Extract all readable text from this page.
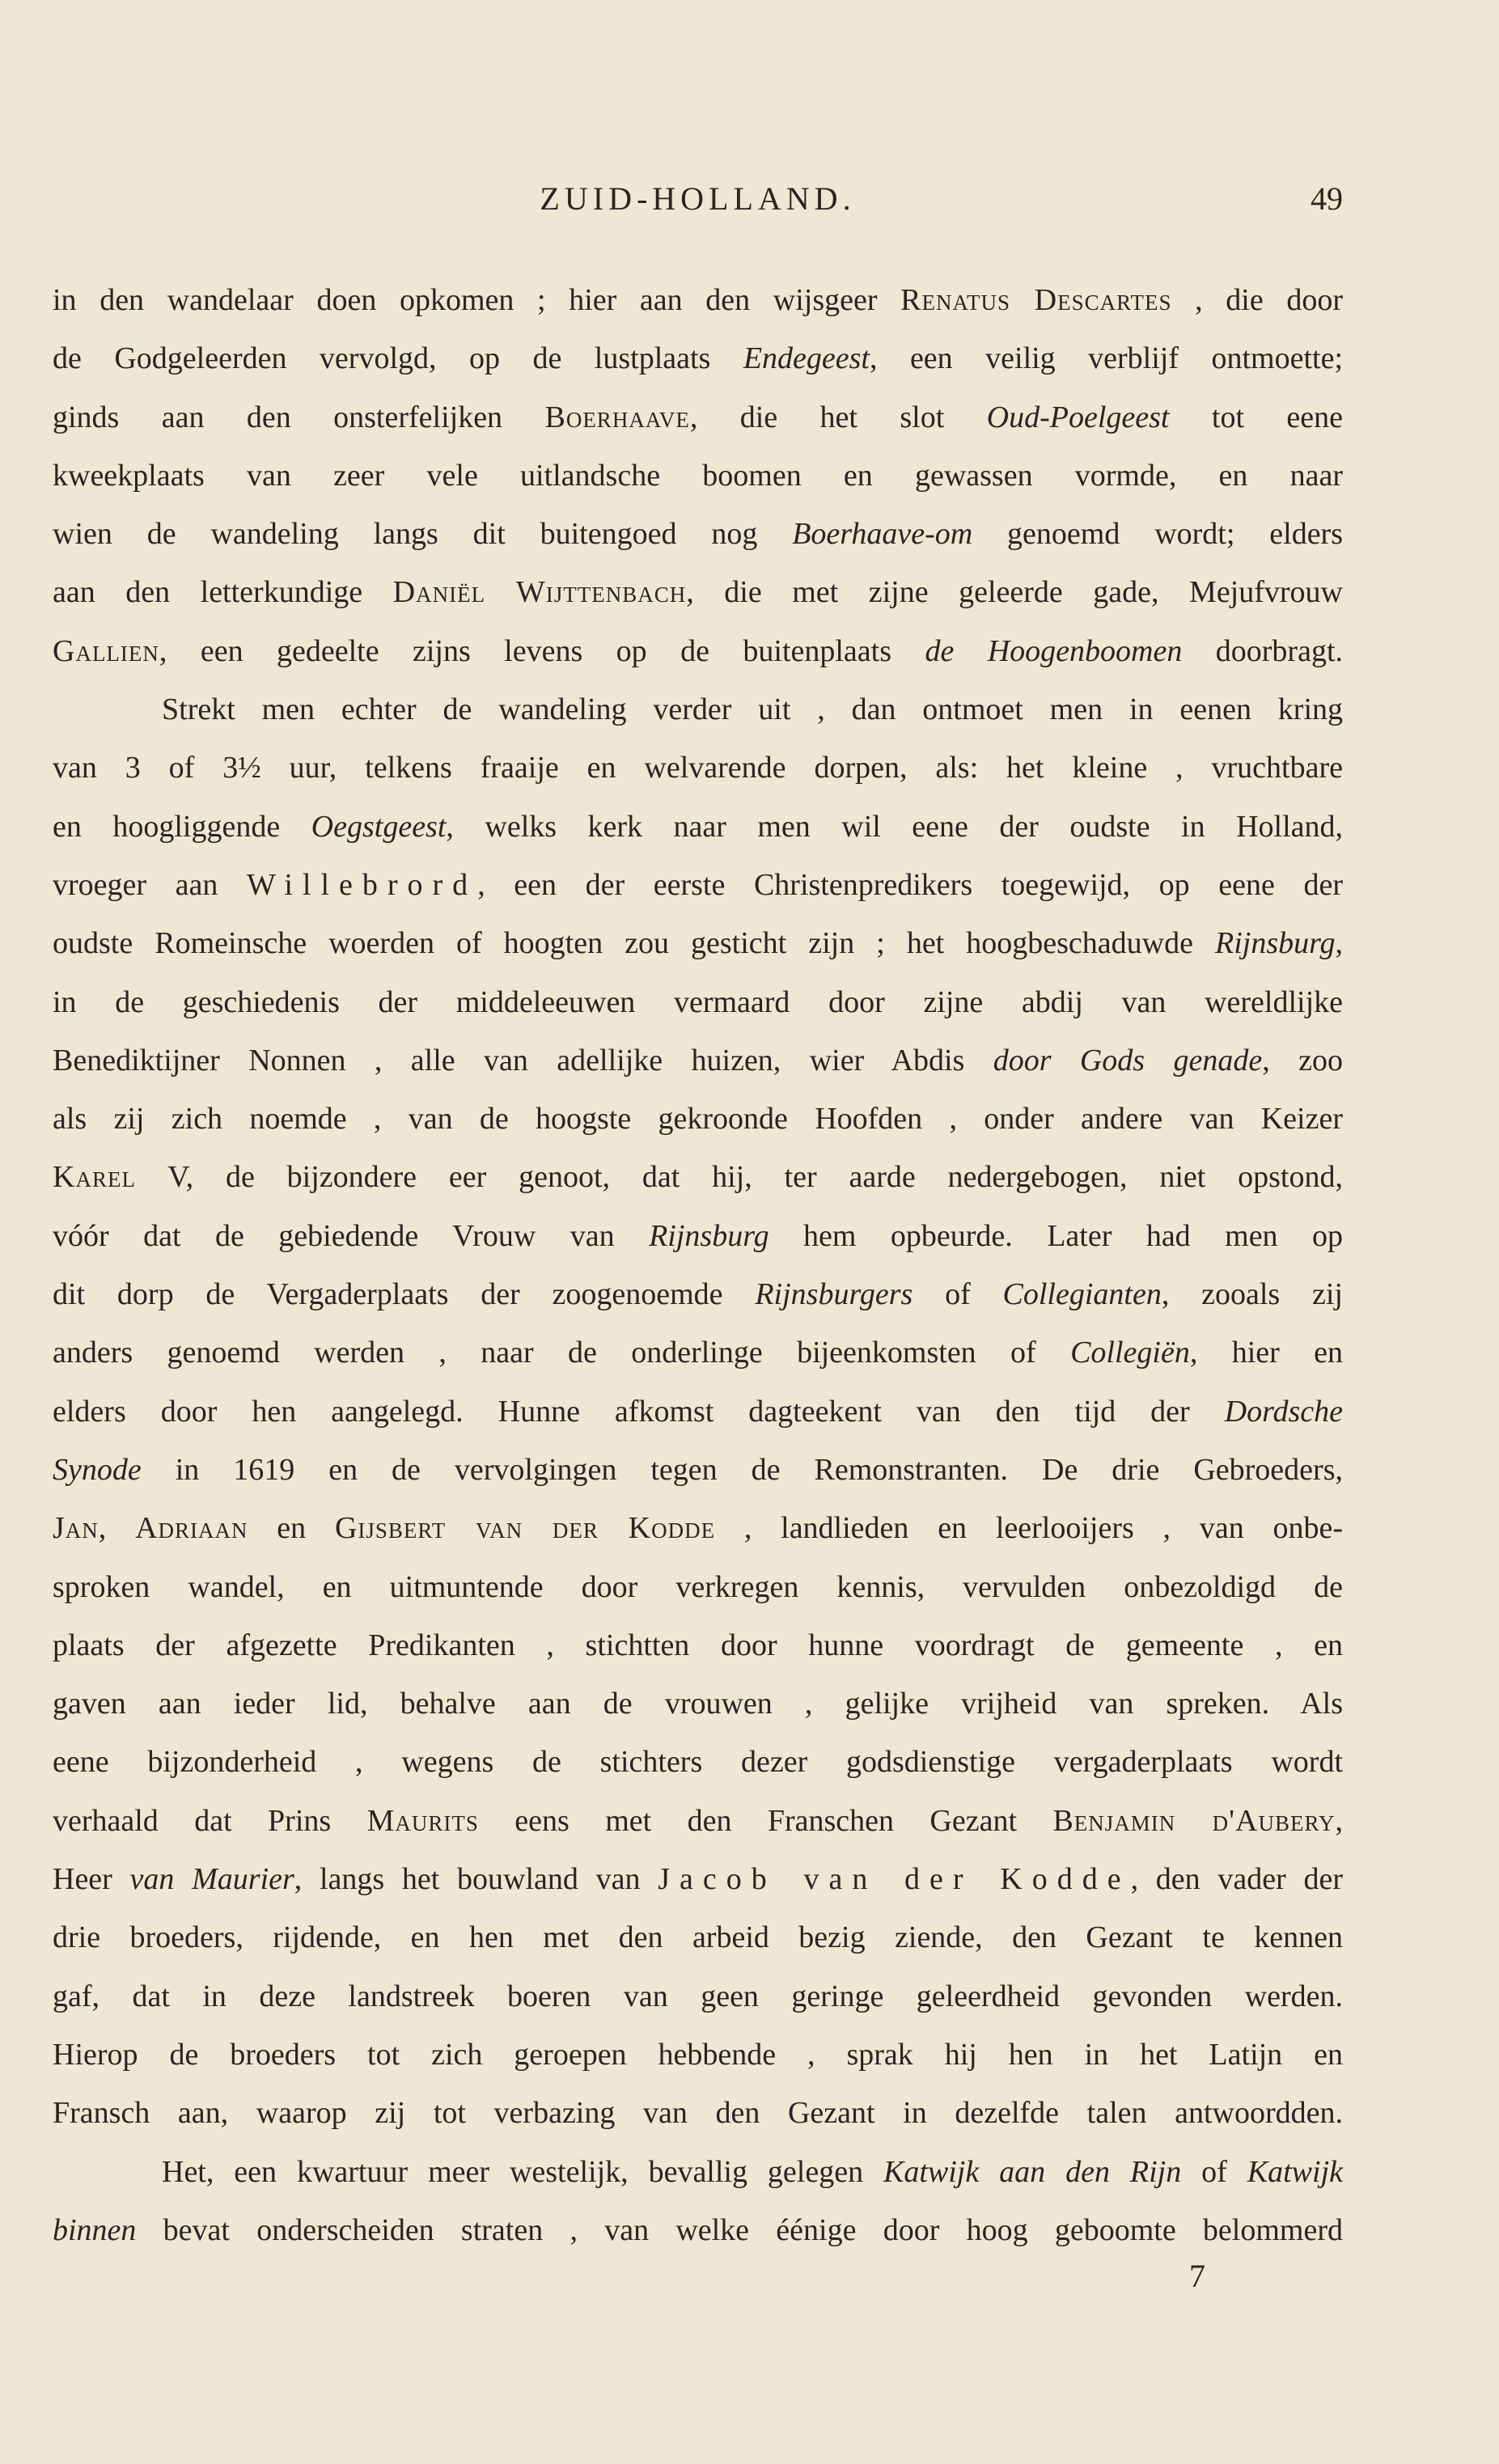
ZUID-HOLLAND.	49
in den wandelaar doen opkomen ; hier aan den wijsgeer Renatus Descartes , die door
de Godgeleerden vervolgd, op de lustplaats Endegeest, een veilig verblijf ontmoette;
ginds aan den onsterfelijken Boerhaave, die het slot Oud-Poelgeest tot eene
kweekplaats van zeer vele uitlandsche boomen en gewassen vormde, en naar
wien de wandeling langs dit buitengoed nog Boerhaave-om genoemd wordt; elders
aan den letterkundige Daniël Wijttenbach, die met zijne geleerde gade, Mejufvrouw
Gallien, een gedeelte zijns levens op de buitenplaats de Hoogenboomen doorbragt.
Strekt men echter de wandeling verder uit , dan ontmoet men in eenen kring
van 3 of 3½ uur, telkens fraaije en welvarende dorpen, als: het kleine , vruchtbare
en hoogliggende Oegstgeest, welks kerk naar men wil eene der oudste in Holland,
vroeger aan Willebrord, een der eerste Christenpredikers toegewijd, op eene der
oudste Romeinsche woerden of hoogten zou gesticht zijn ; het hoogbeschaduwde Rijnsburg,
in de geschiedenis der middeleeuwen vermaard door zijne abdij van wereldlijke
Benediktijner Nonnen , alle van adellijke huizen, wier Abdis door Gods genade, zoo
als zij zich noemde , van de hoogste gekroonde Hoofden , onder andere van Keizer
Karel V, de bijzondere eer genoot, dat hij, ter aarde nedergebogen, niet opstond,
vóór dat de gebiedende Vrouw van Rijnsburg hem opbeurde. Later had men op
dit dorp de Vergaderplaats der zoogenoemde Rijnsburgers of Collegianten, zooals zij
anders genoemd werden , naar de onderlinge bijeenkomsten of Collegiën, hier en
elders door hen aangelegd. Hunne afkomst dagteekent van den tijd der Dordsche
Synode in 1619 en de vervolgingen tegen de Remonstranten. De drie Gebroeders,
Jan, Adriaan en Gijsbert van der Kodde , landlieden en leerlooijers , van onbe-
sproken wandel, en uitmuntende door verkregen kennis, vervulden onbezoldigd de
plaats der afgezette Predikanten , stichtten door hunne voordragt de gemeente , en
gaven aan ieder lid, behalve aan de vrouwen , gelijke vrijheid van spreken. Als
eene bijzonderheid , wegens de stichters dezer godsdienstige vergaderplaats wordt
verhaald dat Prins Maurits eens met den Franschen Gezant Benjamin d'Aubery,
Heer van Maurier, langs het bouwland van Jacob van der Kodde, den vader der
drie broeders, rijdende, en hen met den arbeid bezig ziende, den Gezant te kennen
gaf, dat in deze landstreek boeren van geen geringe geleerdheid gevonden werden.
Hierop de broeders tot zich geroepen hebbende , sprak hij hen in het Latijn en
Fransch aan, waarop zij tot verbazing van den Gezant in dezelfde talen antwoordden.
Het, een kwartuur meer westelijk, bevallig gelegen Katwijk aan den Rijn of Katwijk
binnen bevat onderscheiden straten , van welke éénige door hoog geboomte belommerd
7
